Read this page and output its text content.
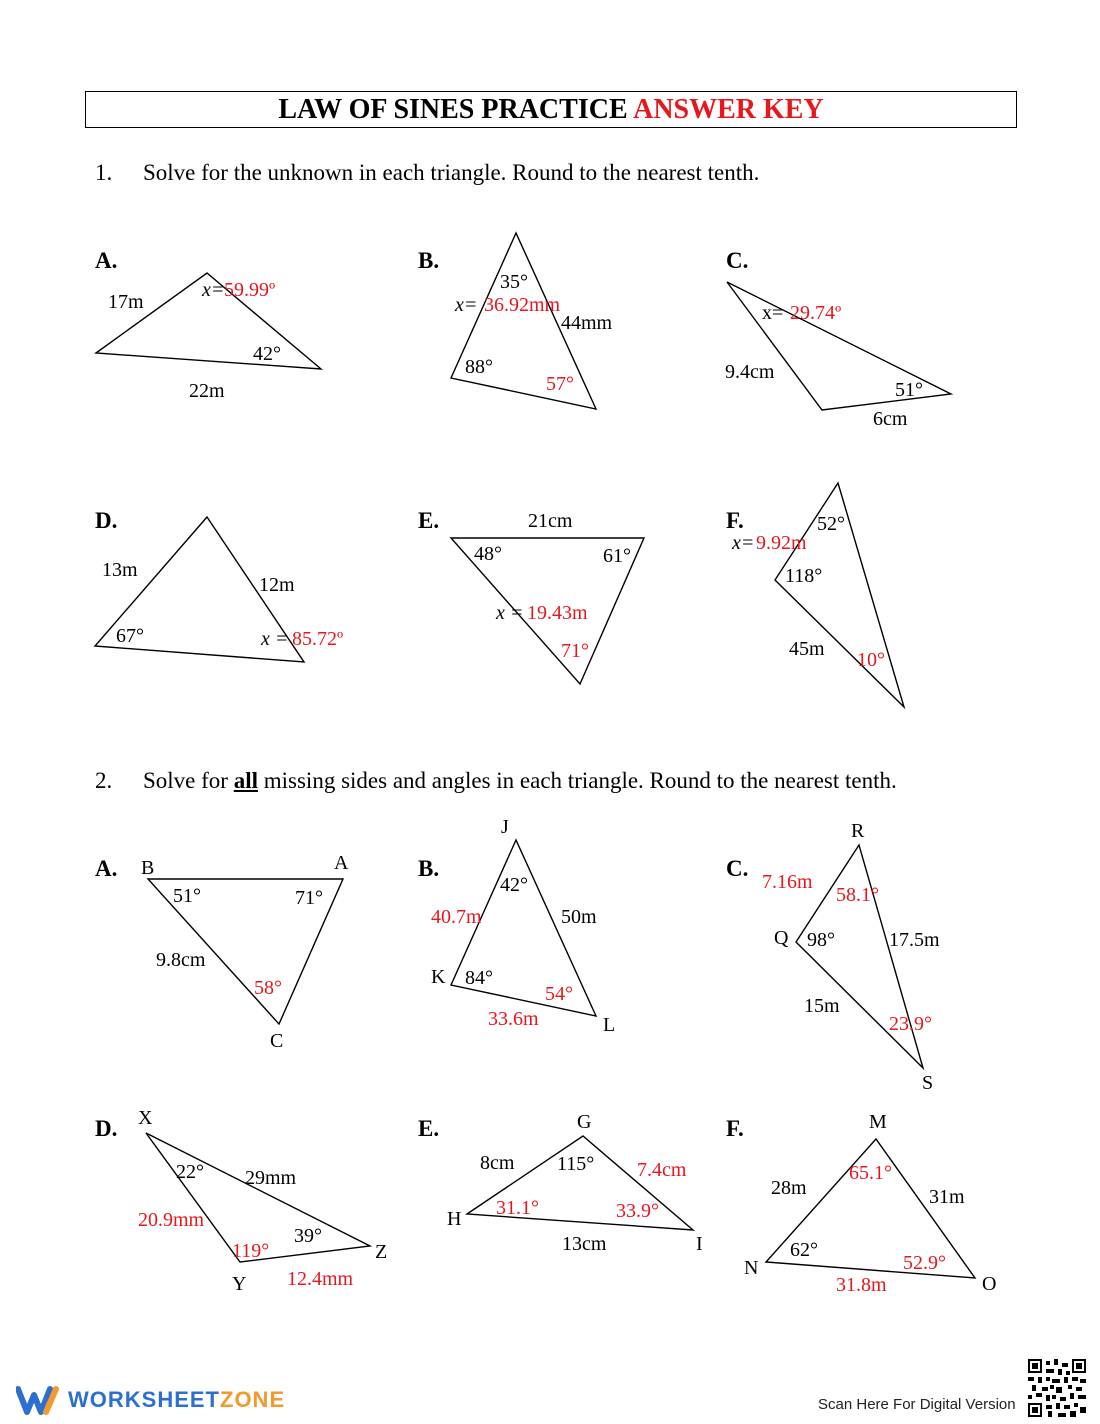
LAW OF SINES PRACTICE ANSWER KEY
1. Solve for the unknown in each triangle. Round to the nearest tenth.
2. Solve for all missing sides and angles in each triangle. Round to the nearest tenth.
A.
17m
x= 59.99º
42°
22m
B.
35°
x= 36.92mm
44mm
88°
57°
C.
x= 29.74º
9.4cm
51°
6cm
D.
13m
12m
67°	x = 85.72º
E.	21cm
48°	61°
x = 19.43m
71°
F.	52°
x= 9.92m
118°
45m 10°
A. B	A
C
51°	71°
9.8cm
58°
B.
J
K
L
42°
40.7m	50m
84°
54°
33.6m
C.
R
Q
S
7.16m
58.1°
98°	17.5m
15m
23.9°
D. X
Y
Z
22° 29mm
20.9mm
39°
119°
12.4mm
E.	G
H
I
8cm 115° 7.4cm
31.1°	33.9°
13cm
F.	M
N
O
28m
65.1°
31m
62°
52.9°
31.8m
WORKSHEETZONE	Scan Here For Digital Version
